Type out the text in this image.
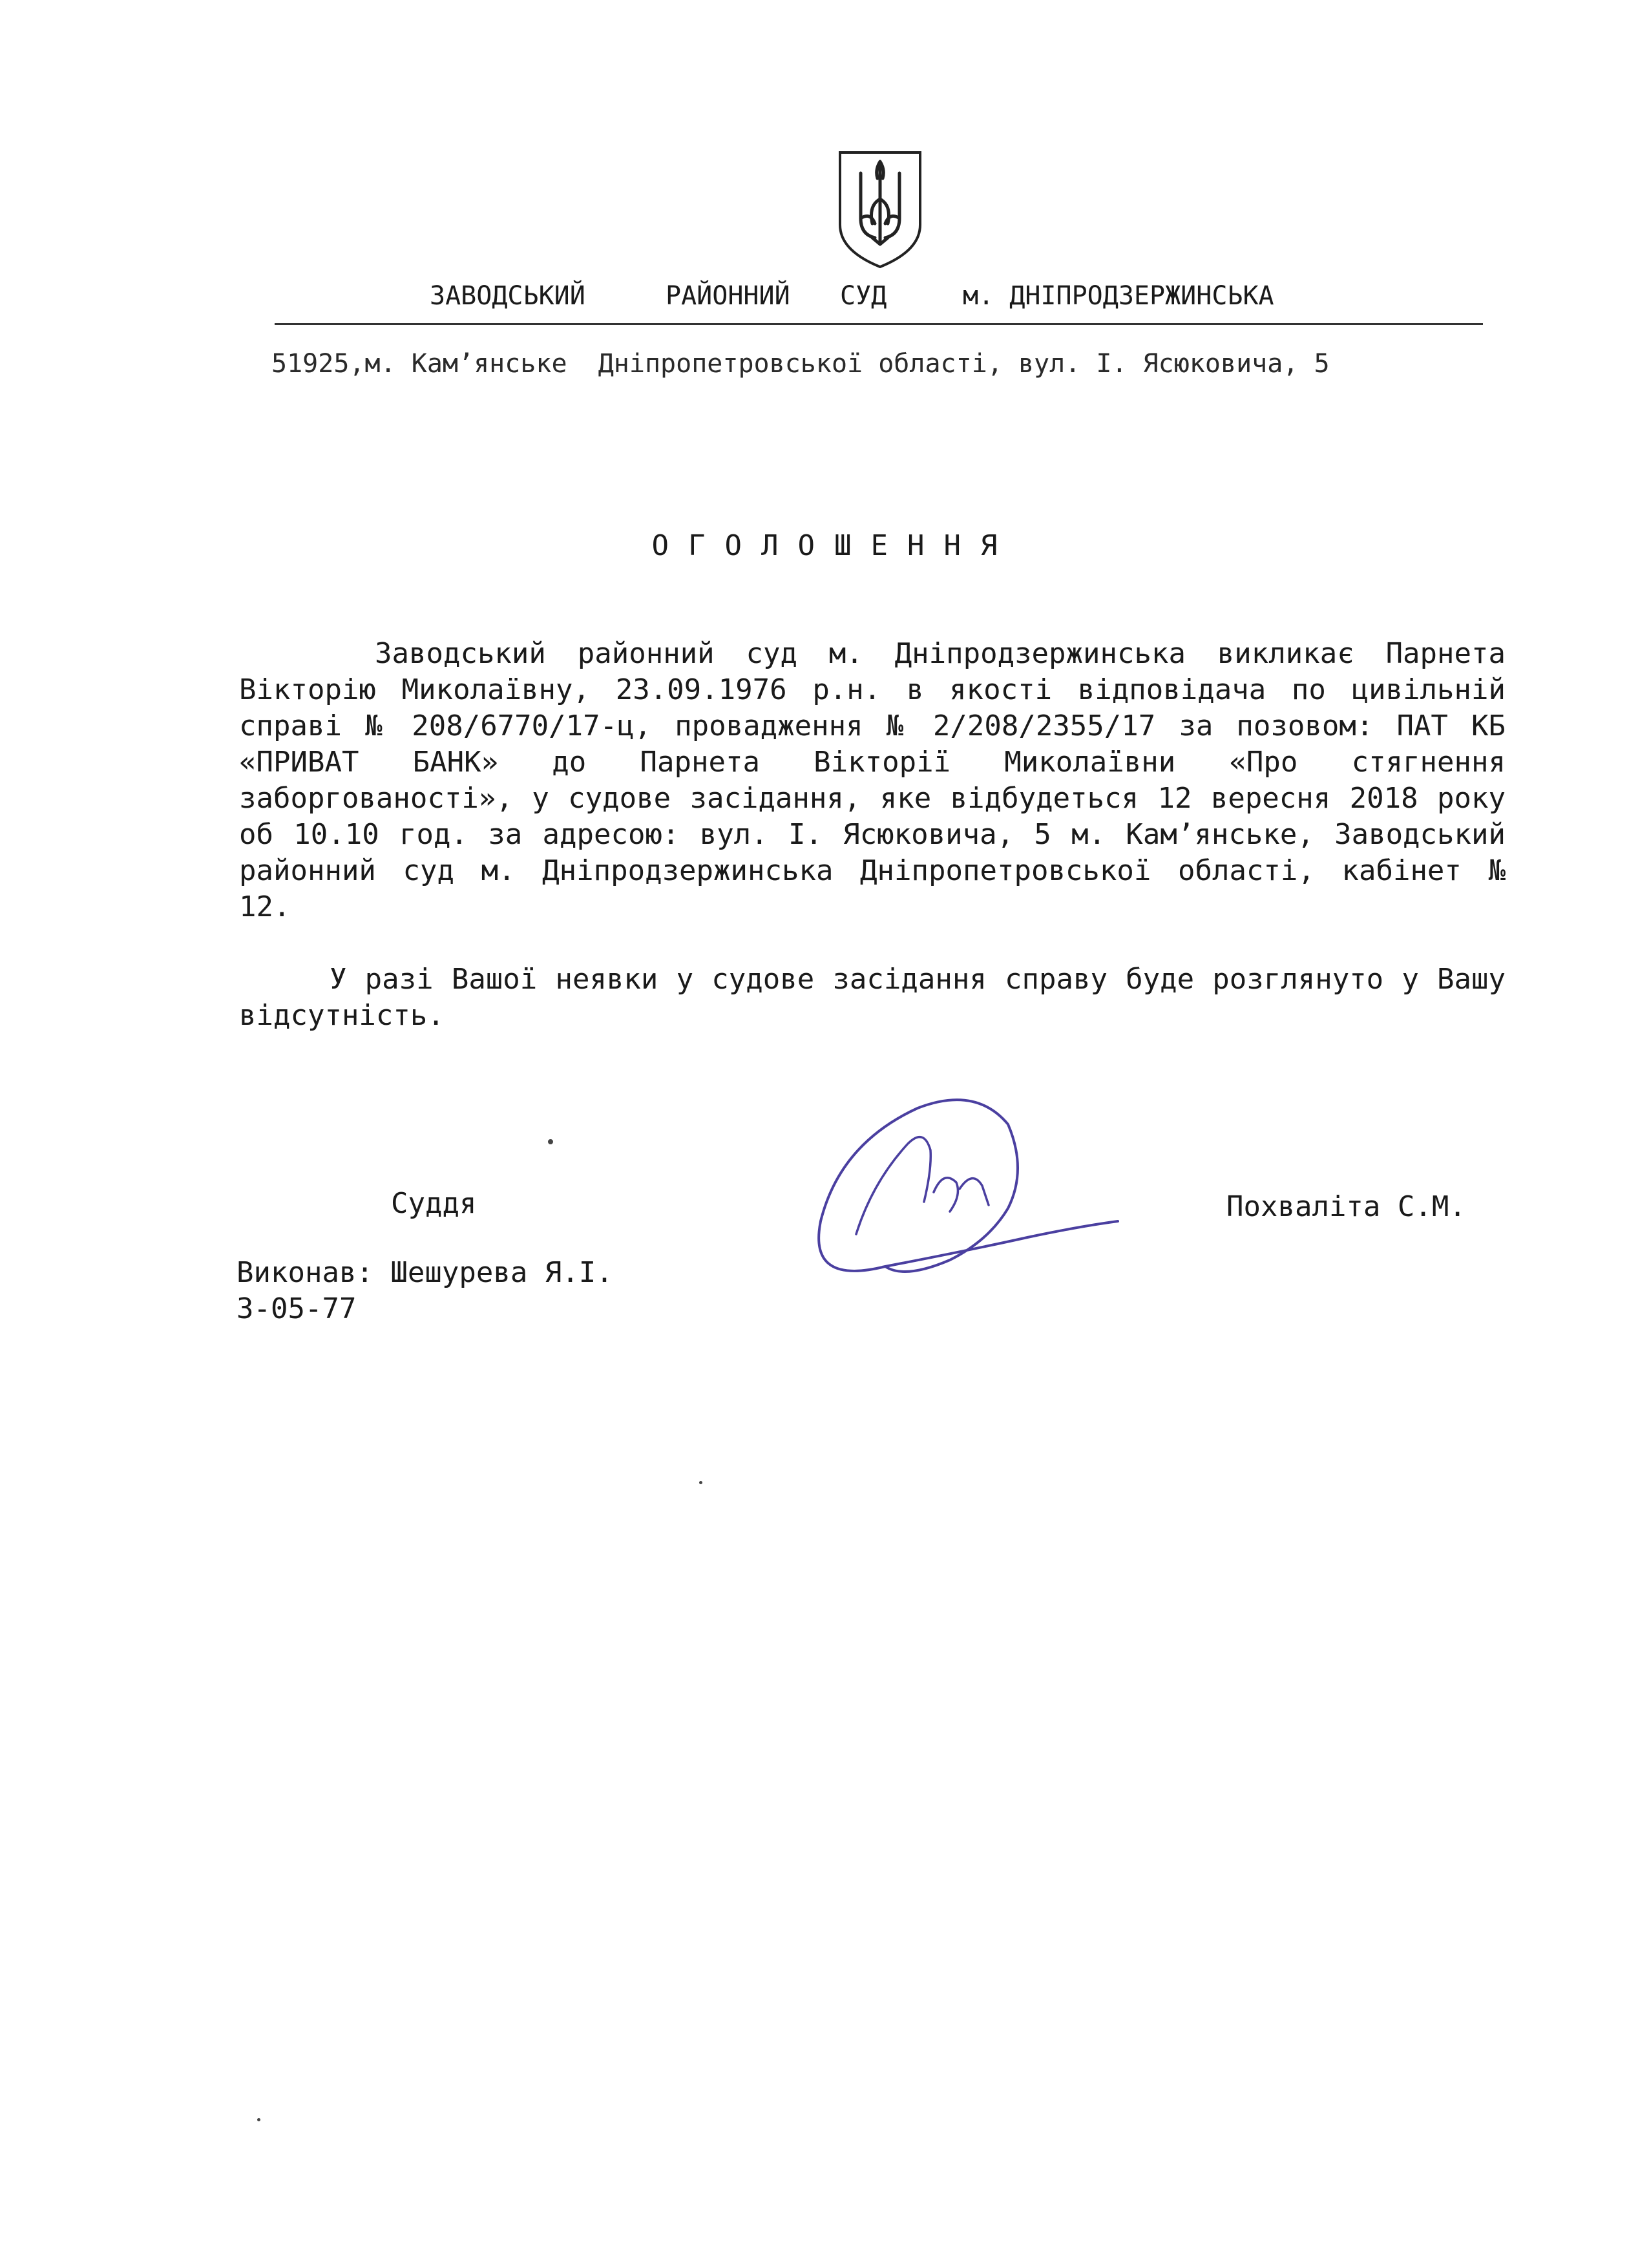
ЗАВОДСЬКИЙ	РАЙОННИЙ СУД	м. ДНІПРОДЗЕРЖИНСЬКА
51925,м. Кам’янське  Дніпропетровської області, вул. І. Ясюковича, 5
ОГОЛОШЕННЯ
Заводський районний суд м. Дніпродзержинська викликає Парнета Вікторію Миколаївну, 23.09.1976 р.н. в якості відповідача по цивільній справі № 208/6770/17-ц, провадження № 2/208/2355/17 за позовом: ПАТ КБ «ПРИВАТ БАНК» до Парнета Вікторії Миколаївни «Про стягнення заборгованості», у судове засідання, яке відбудеться 12 вересня 2018 року об 10.10 год. за адресою: вул. І. Ясюковича, 5 м. Кам’янське, Заводський районний суд м. Дніпродзержинська Дніпропетровської області, кабінет № 12.
У разі Вашої неявки у судове засідання справу буде розглянуто у Вашу відсутність.
Суддя	Похваліта С.М.
Виконав: Шешурева Я.І.
3-05-77
